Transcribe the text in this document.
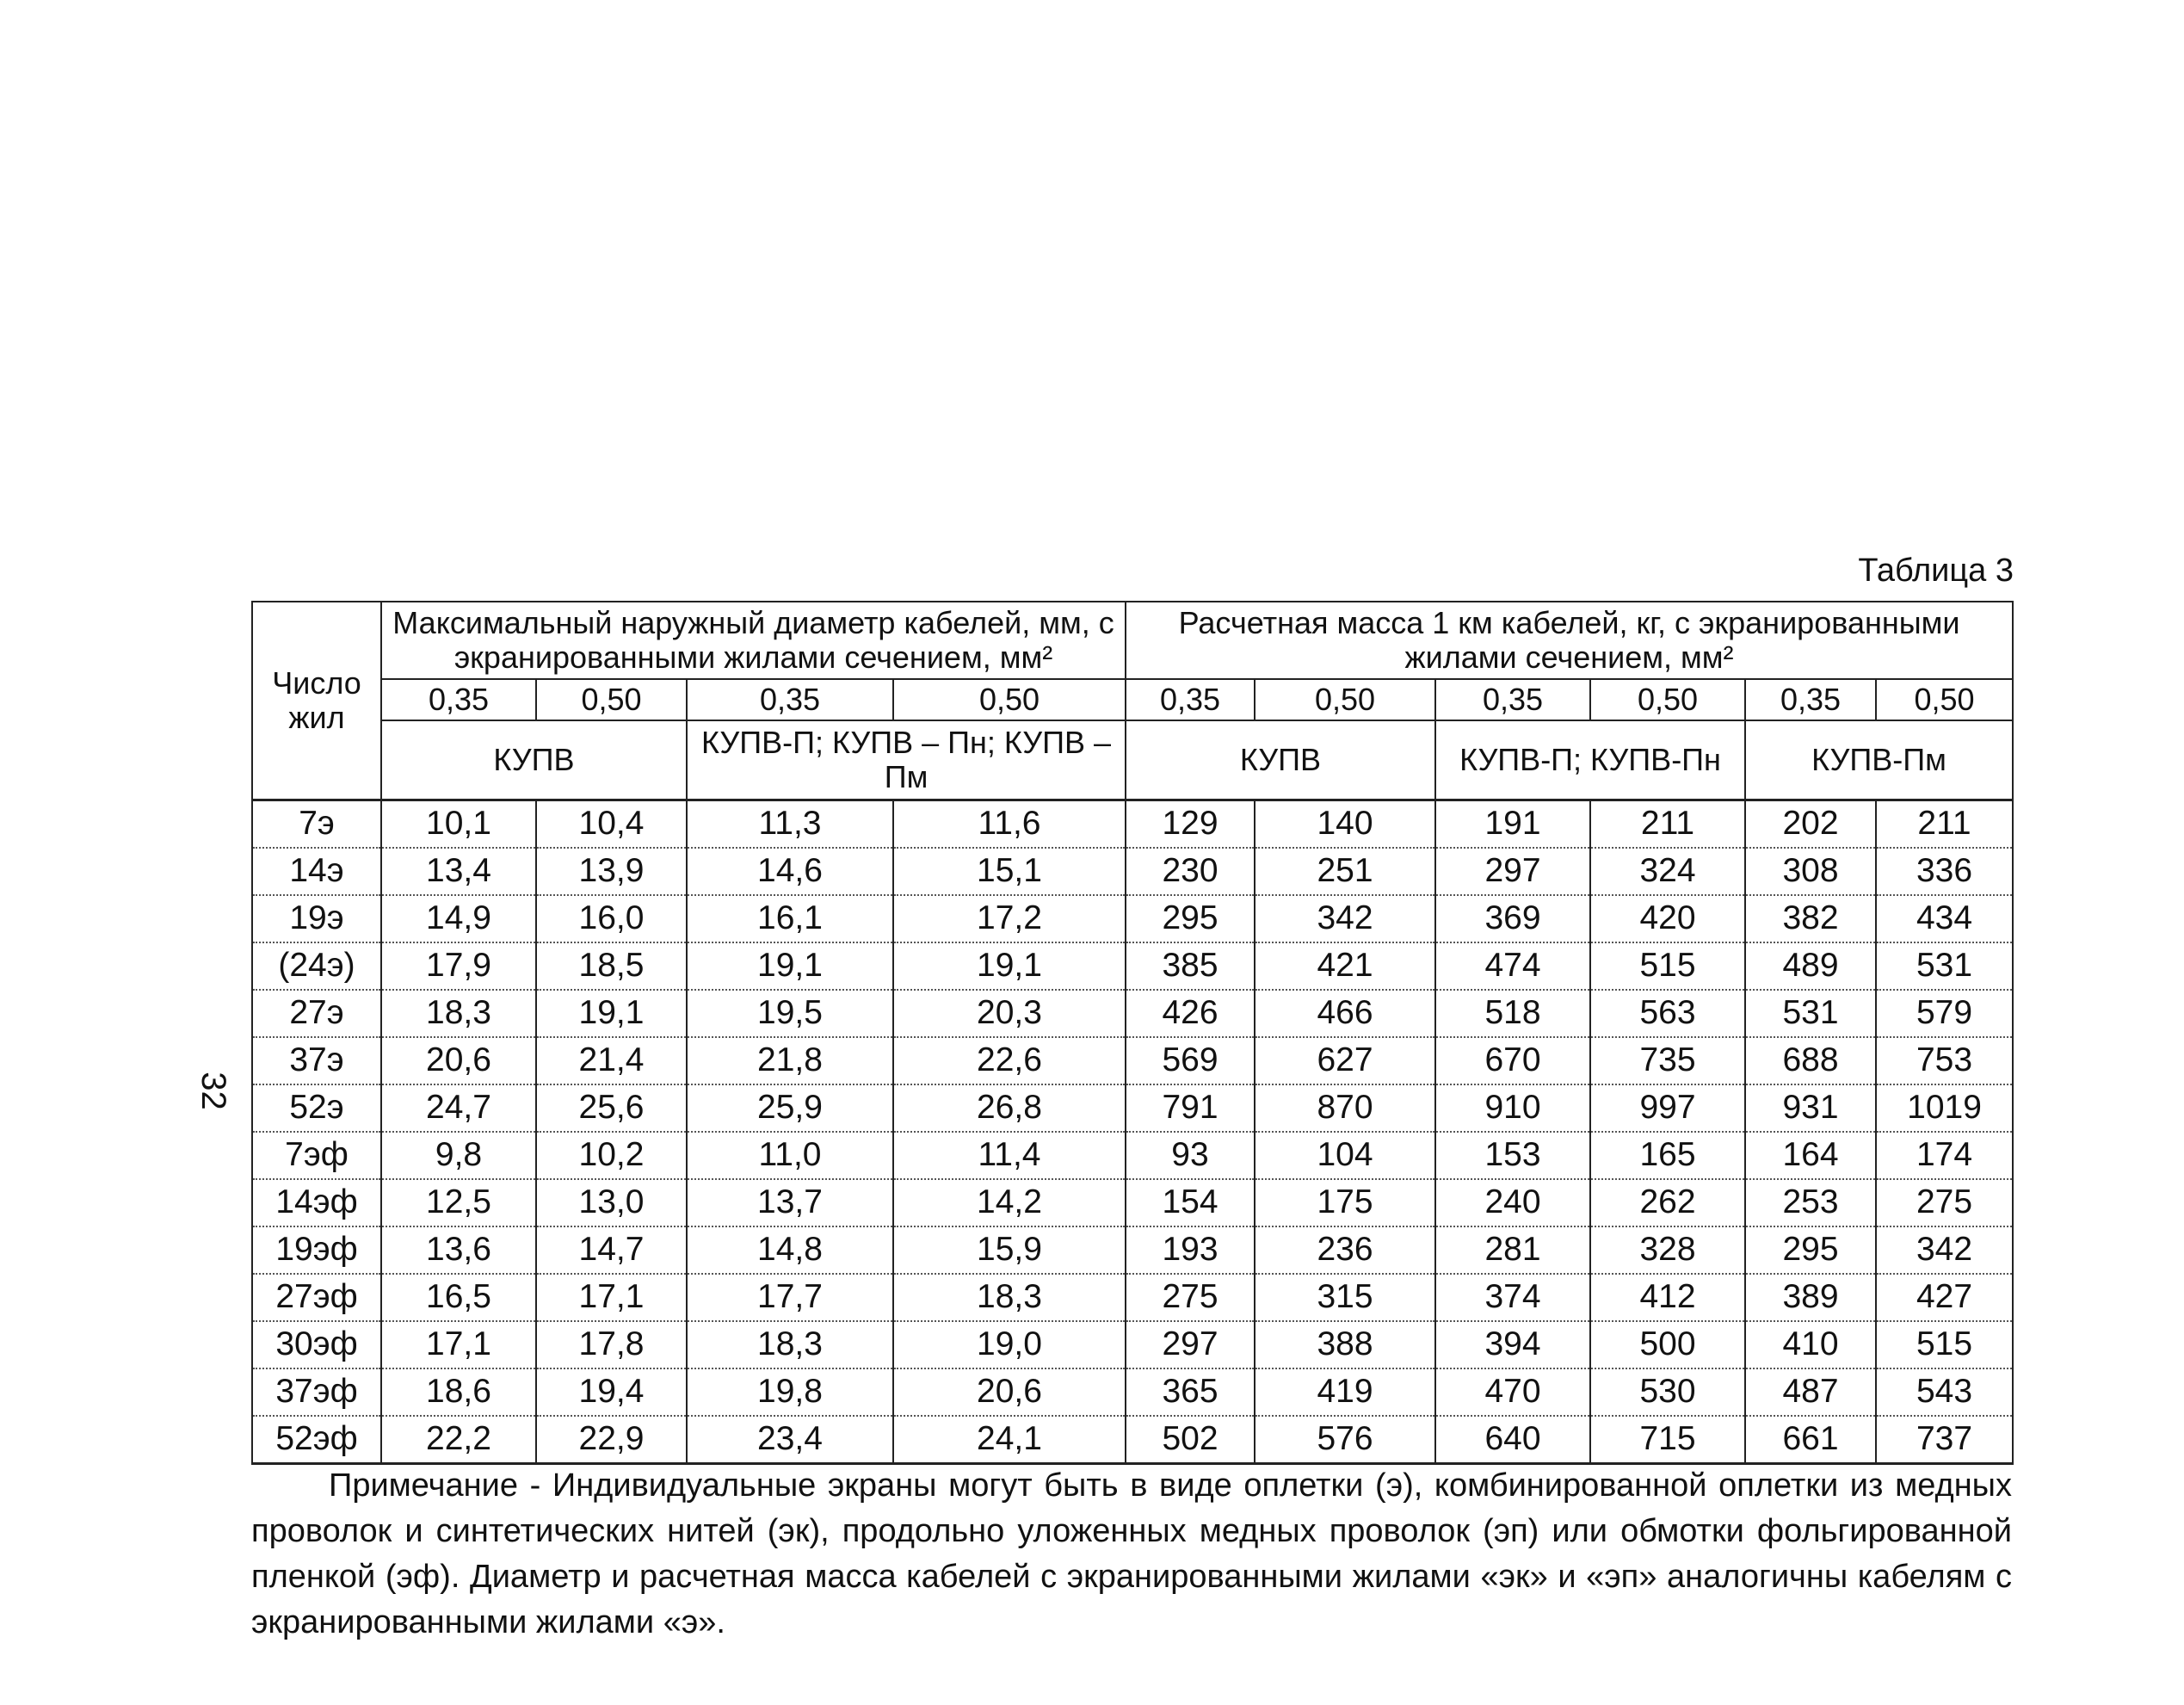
32
Таблица 3
Число жил	Максимальный наружный диаметр кабелей, мм, с экранированными жилами сечением, мм²				Расчетная масса 1 км кабелей, кг, с экранированными жилами сечением, мм²					
	0,35	0,50	0,35	0,50	0,35	0,50	0,35	0,50	0,35	0,50
	КУПВ		КУПВ-П; КУПВ – Пн; КУПВ – Пм		КУПВ		КУПВ-П; КУПВ-Пн		КУПВ-Пм	
7э	10,1	10,4	11,3	11,6	129	140	191	211	202	211
14э	13,4	13,9	14,6	15,1	230	251	297	324	308	336
19э	14,9	16,0	16,1	17,2	295	342	369	420	382	434
(24э)	17,9	18,5	19,1	19,1	385	421	474	515	489	531
27э	18,3	19,1	19,5	20,3	426	466	518	563	531	579
37э	20,6	21,4	21,8	22,6	569	627	670	735	688	753
52э	24,7	25,6	25,9	26,8	791	870	910	997	931	1019
7эф	9,8	10,2	11,0	11,4	93	104	153	165	164	174
14эф	12,5	13,0	13,7	14,2	154	175	240	262	253	275
19эф	13,6	14,7	14,8	15,9	193	236	281	328	295	342
27эф	16,5	17,1	17,7	18,3	275	315	374	412	389	427
30эф	17,1	17,8	18,3	19,0	297	388	394	500	410	515
37эф	18,6	19,4	19,8	20,6	365	419	470	530	487	543
52эф	22,2	22,9	23,4	24,1	502	576	640	715	661	737
Примечание - Индивидуальные экраны могут быть в виде оплетки (э), комбинированной оплетки из медных проволок и синтетических нитей (эк), продольно уложенных медных проволок (эп) или обмотки фольгированной пленкой (эф). Диаметр и расчетная масса кабелей с экранированными жилами «эк» и «эп» аналогичны кабелям с экранированными жилами «э».
